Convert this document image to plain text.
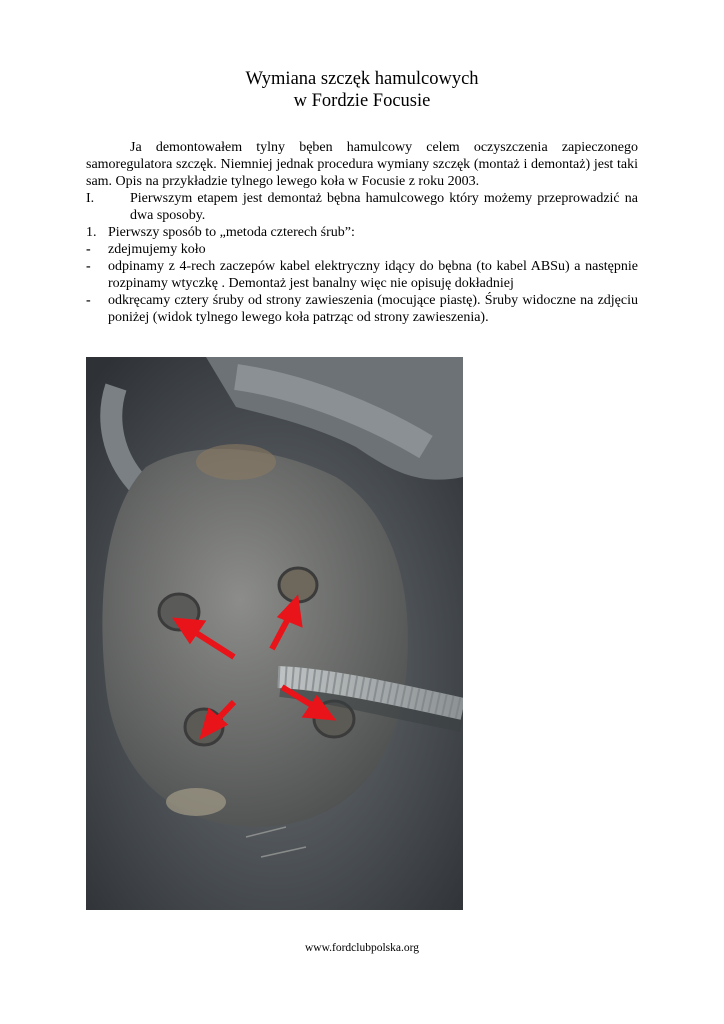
Wymiana szczęk hamulcowych
w Fordzie Focusie

Ja demontowałem tylny bęben hamulcowy celem oczyszczenia zapieczonego samoregulatora szczęk. Niemniej jednak procedura wymiany szczęk (montaż i demontaż) jest taki sam. Opis na przykładzie tylnego lewego koła w Focusie z roku 2003.

I.	Pierwszym etapem jest demontaż bębna hamulcowego który możemy przeprowadzić na dwa sposoby.
1. Pierwszy sposób to „metoda czterech śrub”:
-	zdejmujemy koło
-	odpinamy z 4-rech zaczepów kabel elektryczny idący do bębna (to kabel ABSu) a następnie rozpinamy wtyczkę . Demontaż jest banalny więc nie opisuję dokładniej
-	odkręcamy cztery śruby od strony zawieszenia (mocujące piastę). Śruby widoczne na zdjęciu poniżej (widok tylnego lewego koła patrząc od strony zawieszenia).
www.fordclubpolska.org
